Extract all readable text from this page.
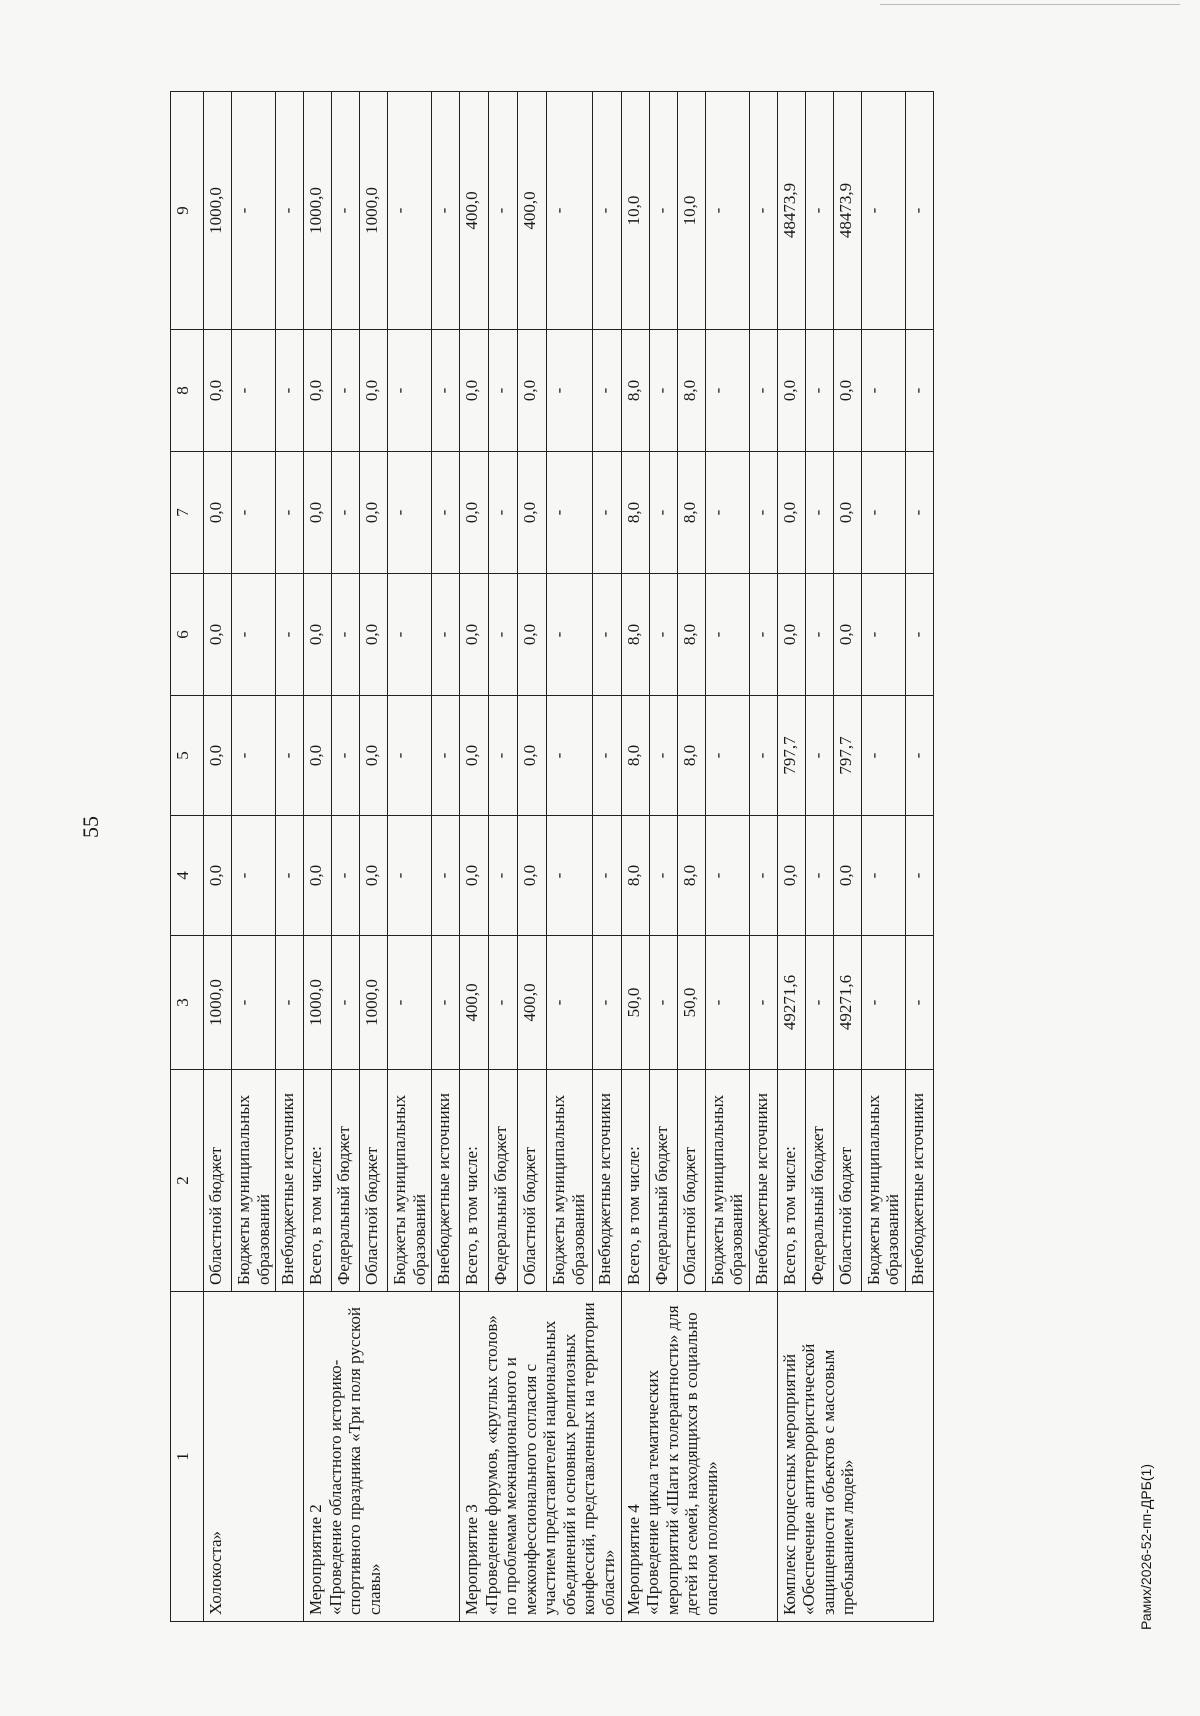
55
1	2	3	4	5	6	7	8	9
Холокоста»	Областной бюджет	1000,0	0,0	0,0	0,0	0,0	0,0	1000,0
	Бюджеты муниципальных образований	-	-	-	-	-	-	-
	Внебюджетные источники	-	-	-	-	-	-	-
Мероприятие 2
«Проведение областного историко-спортивного праздника «Три поля русской славы»	Всего, в том числе:	1000,0	0,0	0,0	0,0	0,0	0,0	1000,0
	Федеральный бюджет	-	-	-	-	-	-	-
	Областной бюджет	1000,0	0,0	0,0	0,0	0,0	0,0	1000,0
	Бюджеты муниципальных образований	-	-	-	-	-	-	-
	Внебюджетные источники	-	-	-	-	-	-	-
Мероприятие 3
«Проведение форумов, «круглых столов» по проблемам межнационального и межконфессионального согласия с участием представителей национальных объединений и основных религиозных конфессий, представленных на территории области»	Всего, в том числе:	400,0	0,0	0,0	0,0	0,0	0,0	400,0
	Федеральный бюджет	-	-	-	-	-	-	-
	Областной бюджет	400,0	0,0	0,0	0,0	0,0	0,0	400,0
	Бюджеты муниципальных образований	-	-	-	-	-	-	-
	Внебюджетные источники	-	-	-	-	-	-	-
Мероприятие 4
«Проведение цикла тематических мероприятий «Шаги к толерантности» для детей из семей, находящихся в социально опасном положении»	Всего, в том числе:	50,0	8,0	8,0	8,0	8,0	8,0	10,0
	Федеральный бюджет	-	-	-	-	-	-	-
	Областной бюджет	50,0	8,0	8,0	8,0	8,0	8,0	10,0
	Бюджеты муниципальных образований	-	-	-	-	-	-	-
	Внебюджетные источники	-	-	-	-	-	-	-
Комплекс процессных мероприятий «Обеспечение антитеррористической защищенности объектов с массовым пребыванием людей»	Всего, в том числе:	49271,6	0,0	797,7	0,0	0,0	0,0	48473,9
	Федеральный бюджет	-	-	-	-	-	-	-
	Областной бюджет	49271,6	0,0	797,7	0,0	0,0	0,0	48473,9
	Бюджеты муниципальных образований	-	-	-	-	-	-	-
	Внебюджетные источники	-	-	-	-	-	-	-
Рамих/2026-52-пп-ДРБ(1)
